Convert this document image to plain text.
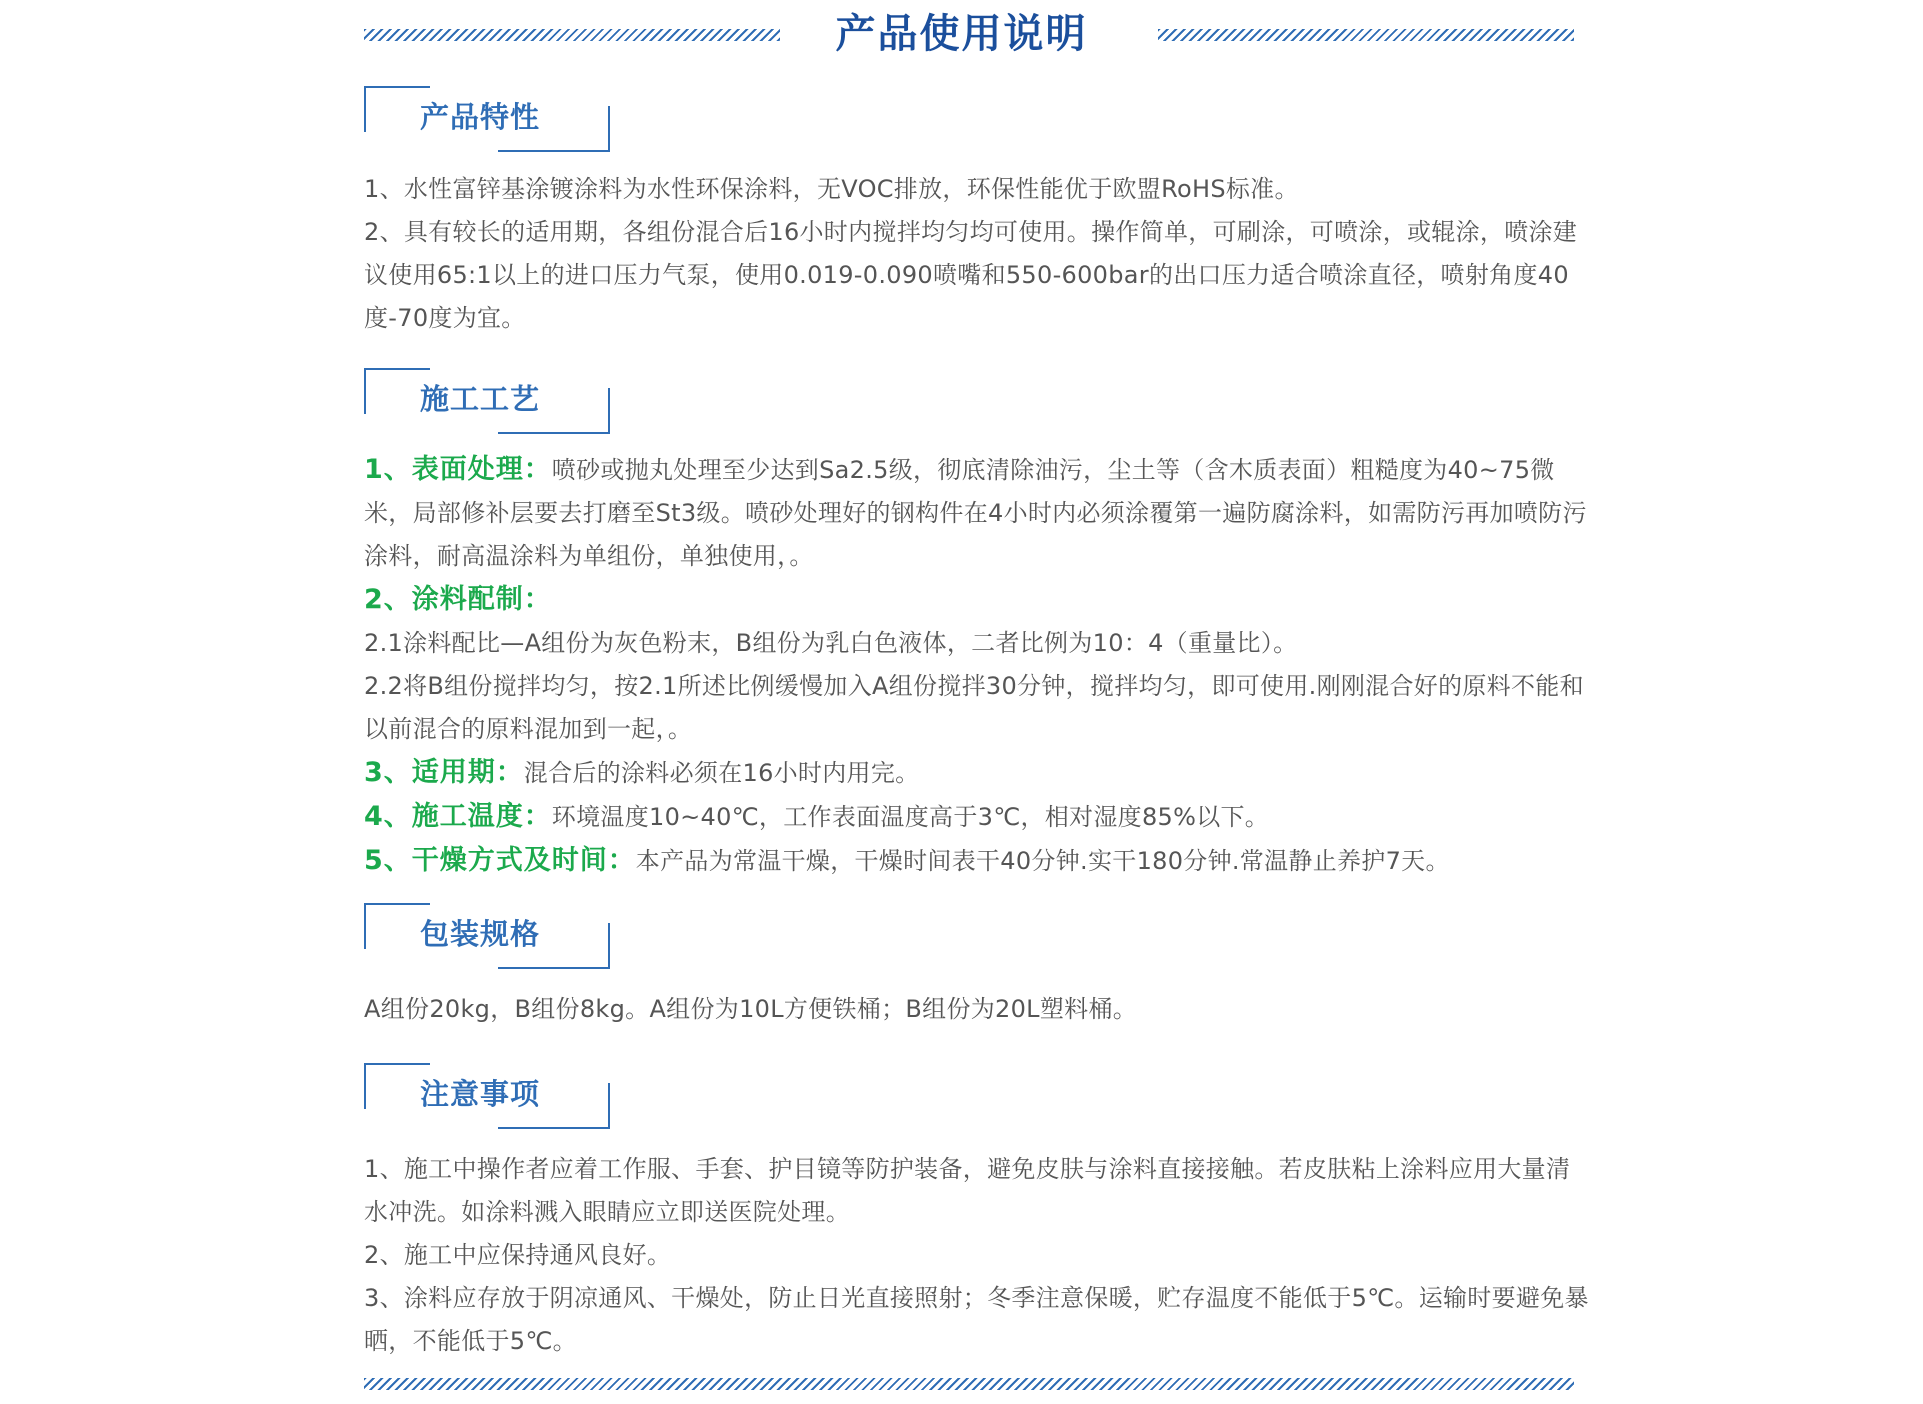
产品使用说明
产品特性

1、水性富锌基涂镀涂料为水性环保涂料，无VOC排放，环保性能优于欧盟RoHS标准。

2、具有较长的适用期，各组份混合后16小时内搅拌均匀均可使用。操作简单，可刷涂，可喷涂，或辊涂，喷涂建议使用65:1以上的进口压力气泵，使用0.019-0.090喷嘴和550-600bar的出口压力适合喷涂直径，喷射角度40度-70度为宜。

施工工艺

1、表面处理：喷砂或抛丸处理至少达到Sa2.5级，彻底清除油污，尘土等（含木质表面）粗糙度为40~75微米，局部修补层要去打磨至St3级。喷砂处理好的钢构件在4小时内必须涂覆第一遍防腐涂料，如需防污再加喷防污涂料，耐高温涂料为单组份，单独使用，。

2、涂料配制：

2.1涂料配比—A组份为灰色粉末，B组份为乳白色液体，二者比例为10：4（重量比）。

2.2将B组份搅拌均匀，按2.1所述比例缓慢加入A组份搅拌30分钟，搅拌均匀，即可使用.刚刚混合好的原料不能和以前混合的原料混加到一起，。

3、适用期：混合后的涂料必须在16小时内用完。

4、施工温度：环境温度10~40℃，工作表面温度高于3℃，相对湿度85%以下。

5、干燥方式及时间：本产品为常温干燥，干燥时间表干40分钟.实干180分钟.常温静止养护7天。

包装规格

A组份20kg，B组份8kg。A组份为10L方便铁桶；B组份为20L塑料桶。

注意事项

1、施工中操作者应着工作服、手套、护目镜等防护装备，避免皮肤与涂料直接接触。若皮肤粘上涂料应用大量清水冲洗。如涂料溅入眼睛应立即送医院处理。

2、施工中应保持通风良好。

3、涂料应存放于阴凉通风、干燥处，防止日光直接照射；冬季注意保暖，贮存温度不能低于5℃。运输时要避免暴晒，不能低于5℃。
